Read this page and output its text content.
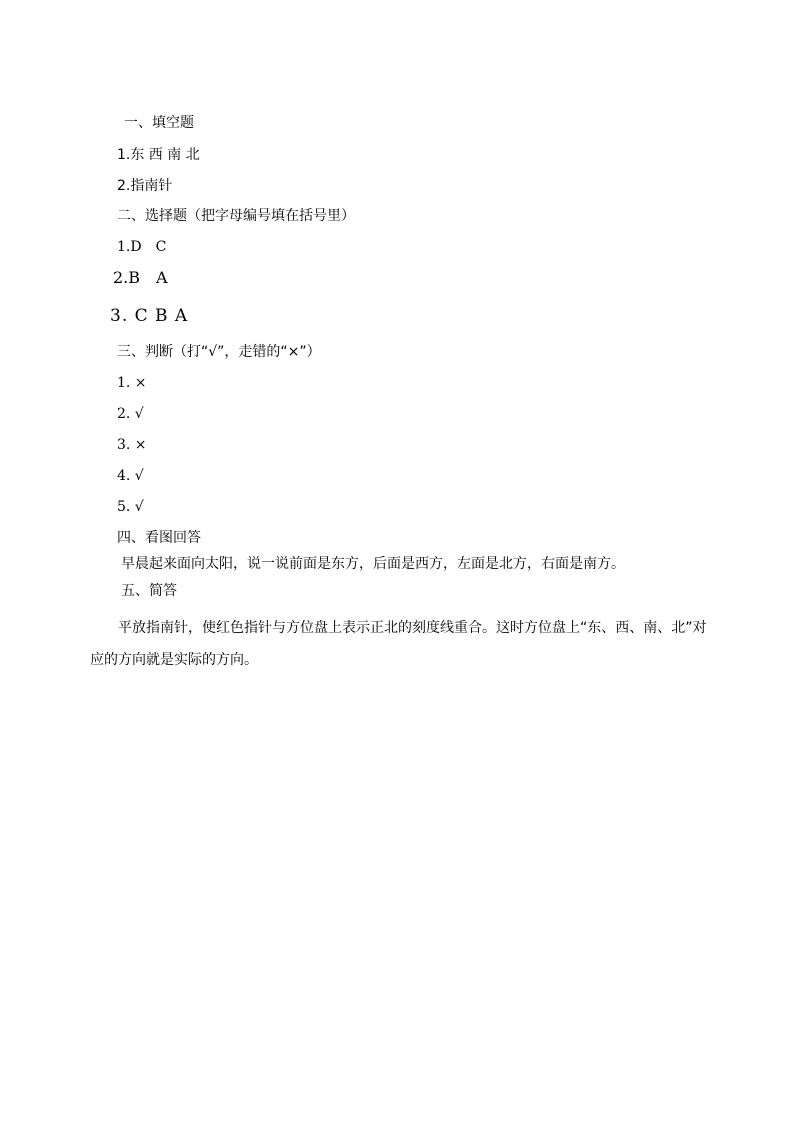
一、填空题
1.东 西 南 北
2.指南针
二、选择题（把字母编号填在括号里）
1.D　C
2.B　A
3. C B A
三、判断（打“√”，走错的“×”）
1. ×
2. √
3. ×
4. √
5. √
四、看图回答
早晨起来面向太阳，说一说前面是东方，后面是西方，左面是北方，右面是南方。
五、简答
平放指南针，使红色指针与方位盘上表示正北的刻度线重合。这时方位盘上“东、西、南、北”对应的方向就是实际的方向。
